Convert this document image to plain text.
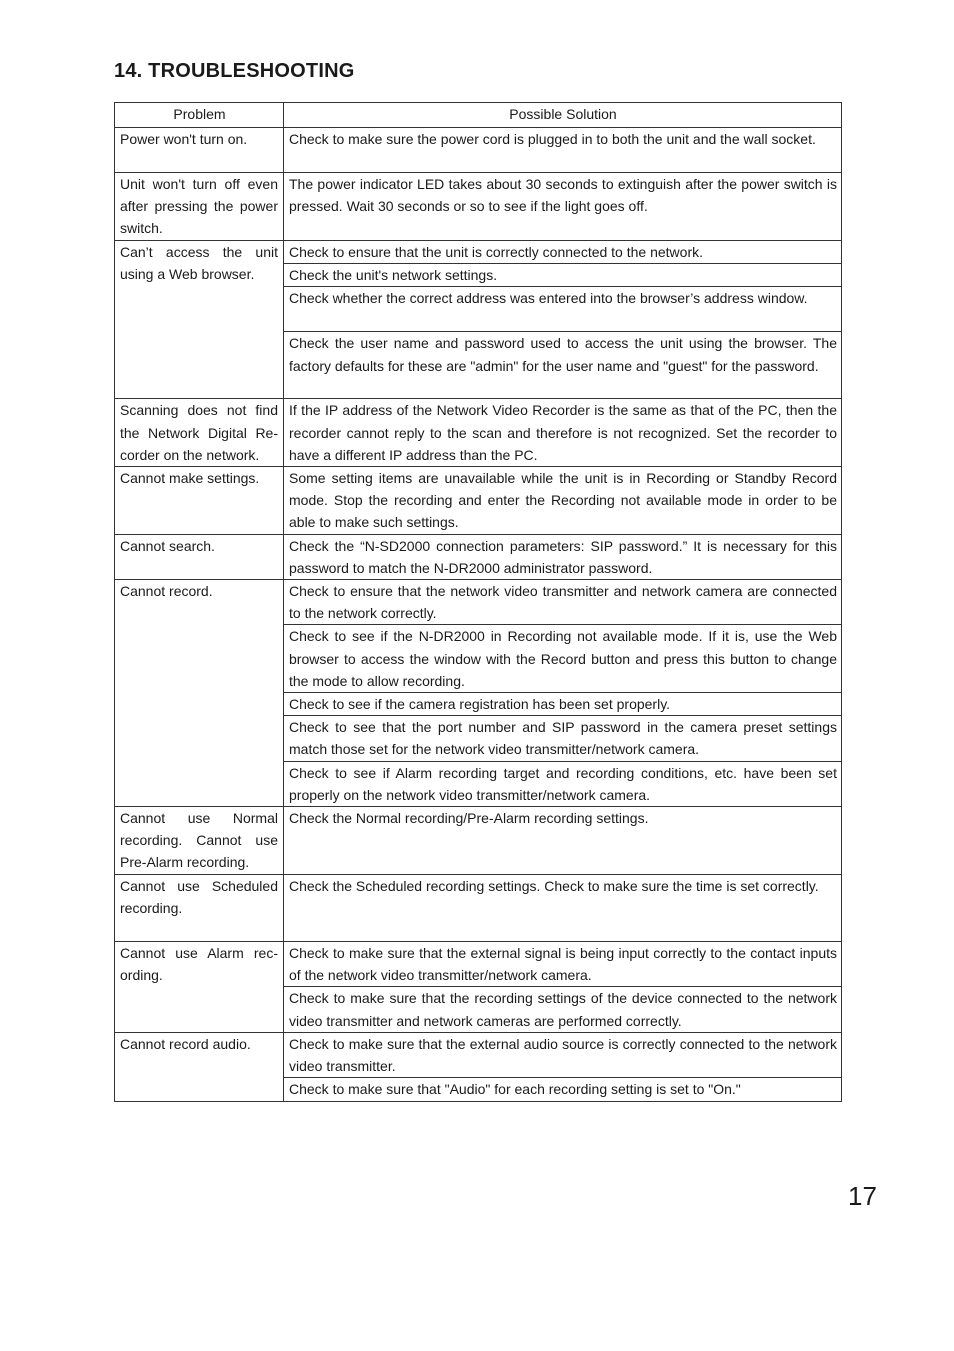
14. TROUBLESHOOTING
Problem	Possible Solution
Power won't turn on.	Check to make sure the power cord is plugged in to both the unit and the wall socket.
Unit won't turn off even after pressing the power switch.	The power indicator LED takes about 30 seconds to extinguish after the power switch is pressed. Wait 30 seconds or so to see if the light goes off.
Can’t access the unit using a Web browser.	Check to ensure that the unit is correctly connected to the network.
	Check the unit's network settings.
	Check whether the correct address was entered into the browser’s address window.
	Check the user name and password used to access the unit using the browser. The factory defaults for these are "admin" for the user name and "guest" for the password.
Scanning does not find the Network Digital Re-corder on the network.	If the IP address of the Network Video Recorder is the same as that of the PC, then the recorder cannot reply to the scan and therefore is not recognized. Set the recorder to have a different IP address than the PC.
Cannot make settings.	Some setting items are unavailable while the unit is in Recording or Standby Record mode. Stop the recording and enter the Recording not available mode in order to be able to make such settings.
Cannot search.	Check the “N-SD2000 connection parameters: SIP password.” It is necessary for this password to match the N-DR2000 administrator password.
Cannot record.	Check to ensure that the network video transmitter and network camera are connected to the network correctly.
	Check to see if the N-DR2000 in Recording not available mode. If it is, use the Web browser to access the window with the Record button and press this button to change the mode to allow recording.
	Check to see if the camera registration has been set properly.
	Check to see that the port number and SIP password in the camera preset settings match those set for the network video transmitter/network camera.
	Check to see if Alarm recording target and recording conditions, etc. have been set properly on the network video transmitter/network camera.
Cannot use Normal recording. Cannot use Pre-Alarm recording.	Check the Normal recording/Pre-Alarm recording settings.
Cannot use Scheduled recording.	Check the Scheduled recording settings. Check to make sure the time is set correctly.
Cannot use Alarm rec-ording.	Check to make sure that the external signal is being input correctly to the contact inputs of the network video transmitter/network camera.
	Check to make sure that the recording settings of the device connected to the network video transmitter and network cameras are performed correctly.
Cannot record audio.	Check to make sure that the external audio source is correctly connected to the network video transmitter.
	Check to make sure that "Audio" for each recording setting is set to "On."
17
